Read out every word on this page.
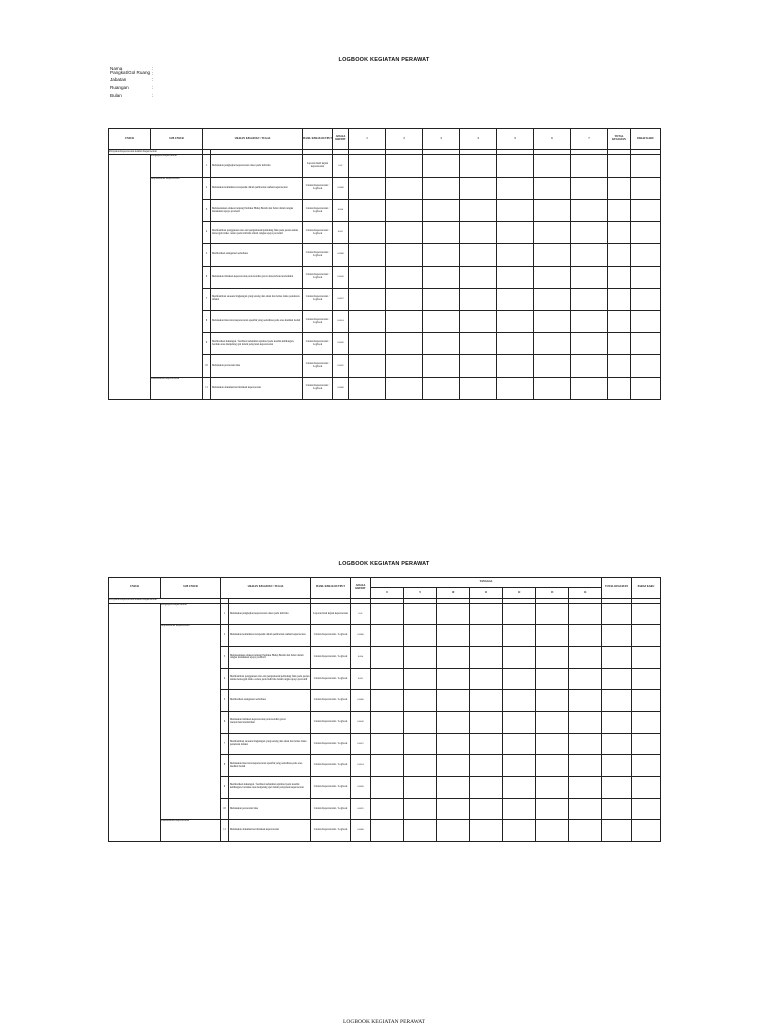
LOGBOOK KEGIATAN PERAWAT
Nama	:
Pangkat/Gol Ruang :
Jabatan	:
Ruangan	:
Bulan	:
UNSUR	SUB UNSUR	URAIAN KEGIATAN / TUGAS		HASIL KERJA/OUTPUT	ANGKA KREDIT	1	2	3	4	5	6	7	TOTAL KEGIATAN	PARAF KARU
Pelayanan Keperawatan Asuhan Keperawatan														
	Pengkajian Keperawatan	1	Melakukan pengkajian keperawatan dasar pada individu	Laporan hasil kajian keperawatan	0.01									
	Implementasi Keperawatan	2	Melakukan komunikasi terapeutik dalam pemberian asuhan keperawatan	Catatan Keperawatan / Logbook	0.0008									
		3	Melaksanakan edukasi tentang Perilaku Hidup Bersih dan Sehat dalam rangka melakukan upaya promotif	Catatan Keperawatan / Logbook	0.004									
		4	Memfasilitasi penggunaan alat-alat pengamanan/pelindung fisik pada pasien untuk mencegah risiko cedera pada individu dalam rangka upaya preventif	Catatan Keperawatan / Logbook	0.001									
		5	Memberikan oksigenasi sederhana	Catatan Keperawatan / Logbook	0.0008									
		6	Melakukan tindakan keperawatan pada kondisi gawat darurat/bencana/kritikal	Catatan Keperawatan / Logbook	0.0043									
		7	Memfasilitasi suasana lingkungan yang tenang dan aman dan bebas risiko penularan infeksi	Catatan Keperawatan / Logbook	0.0012									
		8	Melakukan intervensi keperawatan spesifik yang sederhana pada area medikal bedah	Catatan Keperawatan / Logbook	0.0014									
		9	Memberikan dukungan / fasilitasi kebutuhan spiritual pada kondisi kehilangan, berduka atau menjelang ajal dalam pelayanan keperawatan	Catatan Keperawatan / Logbook	0.0020									
		10	Melakukan perawatan luka	Catatan Keperawatan / Logbook	0.0025									
	Dokumentasi Keperawatan	11	Melakukan dokumentasi tindakan keperawatan	Catatan Keperawatan / Logbook	0.0008									
LOGBOOK KEGIATAN PERAWAT
UNSUR	SUB UNSUR	URAIAN KEGIATAN / TUGAS		HASIL KERJA/OUTPUT	ANGKA KREDIT	TANGGAL							TOTAL KEGIATAN	PARAF KARU
						8	9	10	11	12	13	14		
Pelayanan Keperawatan Asuhan Keperawatan														
	Pengkajian Keperawatan	1	Melakukan pengkajian keperawatan dasar pada individu	Laporan hasil kajian keperawatan	0.01									
	Implementasi Keperawatan	2	Melakukan komunikasi terapeutik dalam pemberian asuhan keperawatan	Catatan Keperawatan / Logbook	0.0008									
		3	Melaksanakan edukasi tentang Perilaku Hidup Bersih dan Sehat dalam rangka melakukan upaya promotif	Catatan Keperawatan / Logbook	0.004									
		4	Memfasilitasi penggunaan alat-alat pengamanan/pelindung fisik pada pasien untuk mencegah risiko cedera pada individu dalam rangka upaya preventif	Catatan Keperawatan / Logbook	0.001									
		5	Memberikan oksigenasi sederhana	Catatan Keperawatan / Logbook	0.0008									
		6	Melakukan tindakan keperawatan pada kondisi gawat darurat/bencana/kritikal	Catatan Keperawatan / Logbook	0.0043									
		7	Memfasilitasi suasana lingkungan yang tenang dan aman dan bebas risiko penularan infeksi	Catatan Keperawatan / Logbook	0.0012									
		8	Melakukan intervensi keperawatan spesifik yang sederhana pada area medikal bedah	Catatan Keperawatan / Logbook	0.0014									
		9	Memberikan dukungan / fasilitasi kebutuhan spiritual pada kondisi kehilangan, berduka atau menjelang ajal dalam pelayanan keperawatan	Catatan Keperawatan / Logbook	0.0020									
		10	Melakukan perawatan luka	Catatan Keperawatan / Logbook	0.0025									
	Dokumentasi Keperawatan	11	Melakukan dokumentasi tindakan keperawatan	Catatan Keperawatan / Logbook	0.0008									
LOGBOOK KEGIATAN PERAWAT
